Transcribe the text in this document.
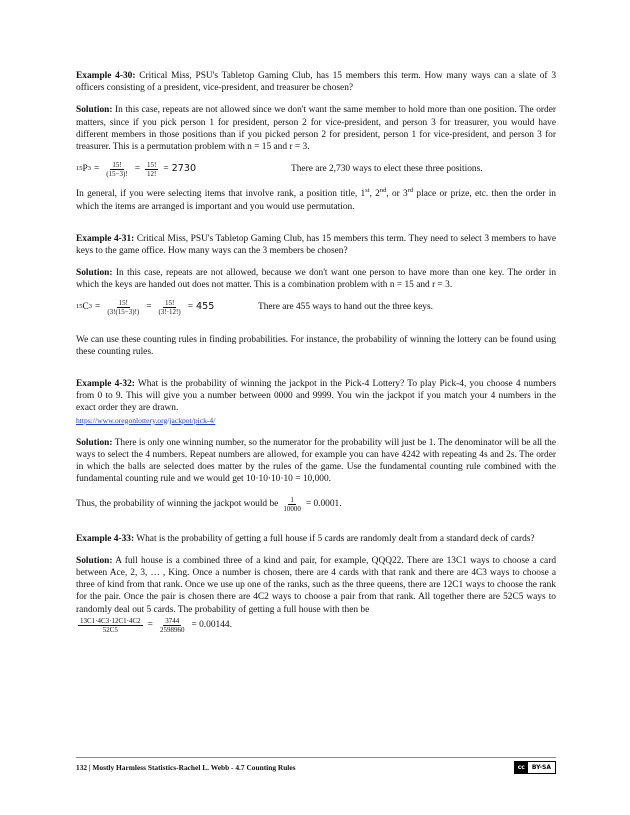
Example 4-30: Critical Miss, PSU's Tabletop Gaming Club, has 15 members this term. How many ways can a slate of 3 officers consisting of a president, vice-president, and treasurer be chosen?

Solution: In this case, repeats are not allowed since we don't want the same member to hold more than one position. The order matters, since if you pick person 1 for president, person 2 for vice-president, and person 3 for treasurer, you would have different members in those positions than if you picked person 2 for president, person 1 for vice-president, and person 3 for treasurer. This is a permutation problem with n = 15 and r = 3.

15 P $3 = \frac{15!}{(15-3)!} = \frac{15!}{12!} = 2730$	There are 2,730 ways to elect these three positions.

In general, if you were selecting items that involve rank, a position title, 1st, 2nd, or 3rd place or prize, etc. then the order in which the items are arranged is important and you would use permutation.

Example 4-31: Critical Miss, PSU's Tabletop Gaming Club, has 15 members this term. They need to select 3 members to have keys to the game office. How many ways can the 3 members be chosen?

Solution: In this case, repeats are not allowed, because we don't want one person to have more than one key. The order in which the keys are handed out does not matter. This is a combination problem with n = 15 and r = 3.

15 C $3 = \frac{15!}{(3!(15-3)!)} = \frac{15!}{(3!\cdot 12!)} = 455$	There are 455 ways to hand out the three keys.

We can use these counting rules in finding probabilities. For instance, the probability of winning the lottery can be found using these counting rules.

Example 4-32: What is the probability of winning the jackpot in the Pick-4 Lottery? To play Pick-4, you choose 4 numbers from 0 to 9. This will give you a number between 0000 and 9999. You win the jackpot if you match your 4 numbers in the exact order they are drawn.

https://www.oregonlottery.org/jackpot/pick-4/

Solution: There is only one winning number, so the numerator for the probability will just be 1. The denominator will be all the ways to select the 4 numbers. Repeat numbers are allowed, for example you can have 4242 with repeating 4s and 2s. The order in which the balls are selected does matter by the rules of the game. Use the fundamental counting rule combined with the fundamental counting rule and we would get 10·10·10·10 = 10,000.

Thus, the probability of winning the jackpot would be $\frac{1}{10000} = 0.0001$.

Example 4-33: What is the probability of getting a full house if 5 cards are randomly dealt from a standard deck of cards?

Solution: A full house is a combined three of a kind and pair, for example, QQQ22. There are 13C1 ways to choose a card between Ace, 2, 3, … , King. Once a number is chosen, there are 4 cards with that rank and there are 4C3 ways to choose a three of kind from that rank. Once we use up one of the ranks, such as the three queens, there are 12C1 ways to choose the rank for the pair. Once the pair is chosen there are 4C2 ways to choose a pair from that rank. All together there are 52C5 ways to randomly deal out 5 cards. The probability of getting a full house with then be

$\frac{13C1\cdot 4C3\cdot 12C1\cdot 4C2}{52C5} = \frac{3744}{2598960} = 0.00144$.
132 | Mostly Harmless Statistics-Rachel L. Webb - 4.7 Counting Rules	cc	BY-SA
